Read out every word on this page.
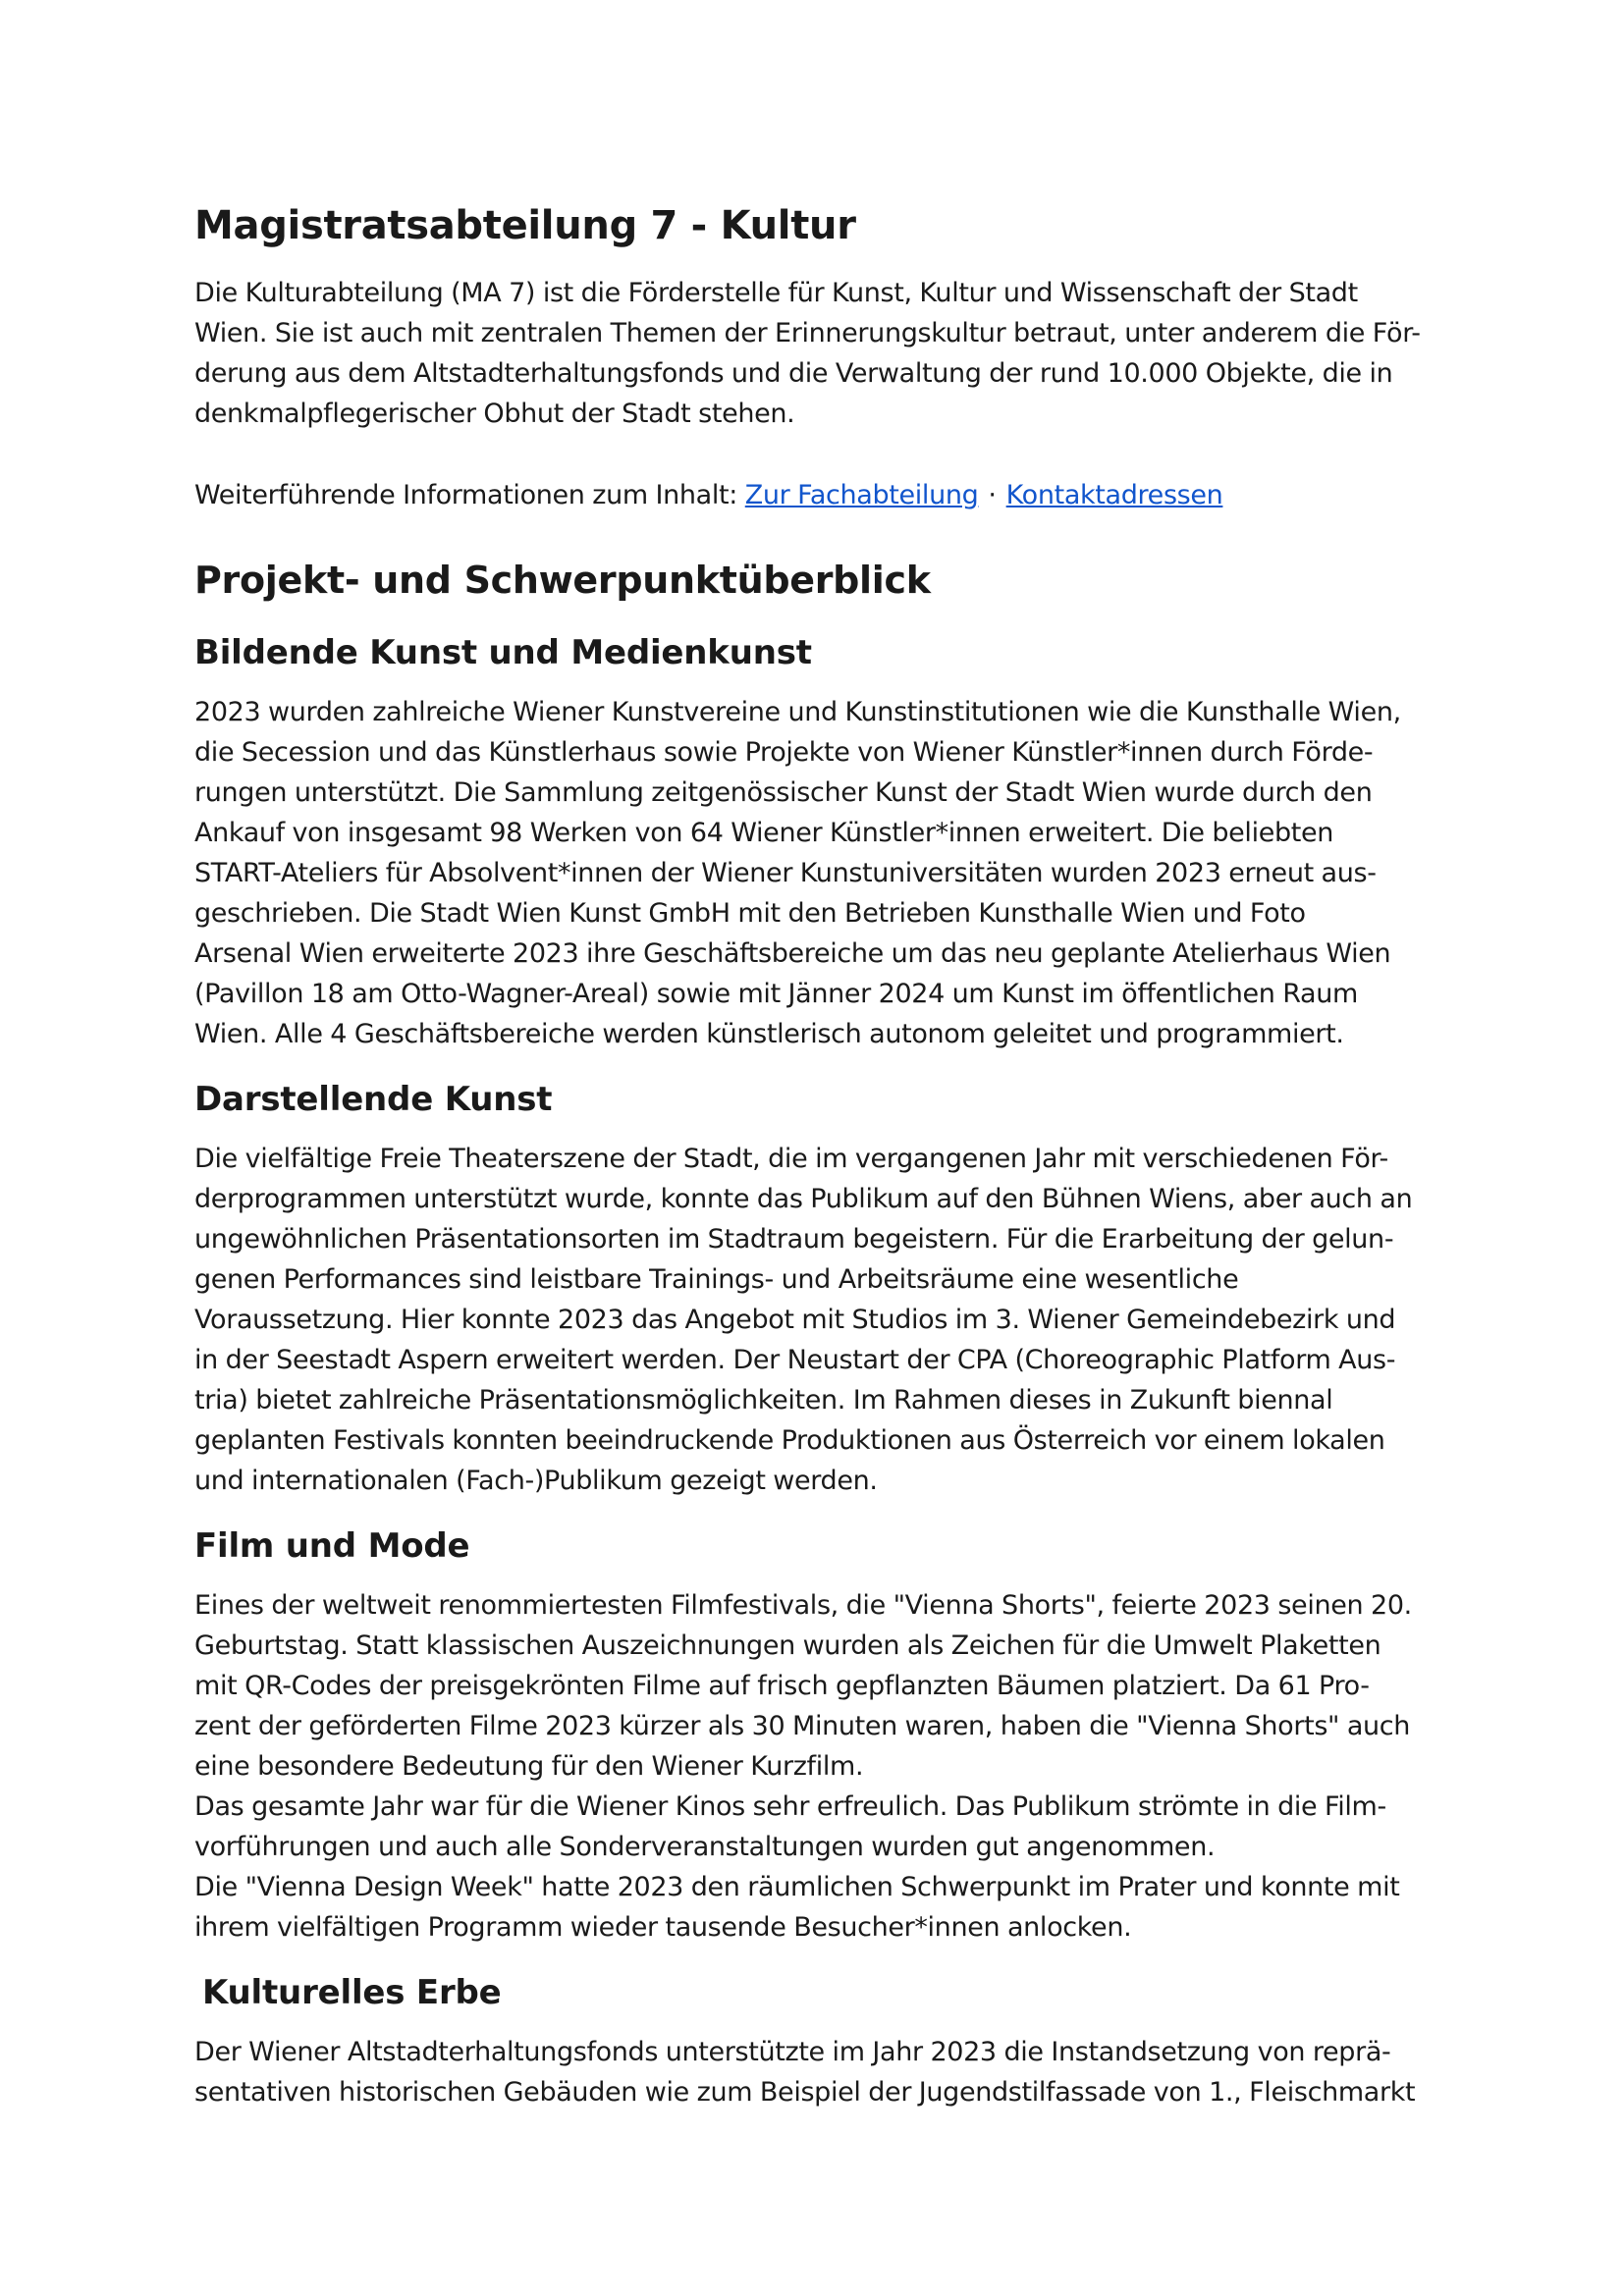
Magistratsabteilung 7 - Kultur

Die Kulturabteilung (MA 7) ist die Förderstelle für Kunst, Kultur und Wissenschaft der Stadt
Wien. Sie ist auch mit zentralen Themen der Erinnerungskultur betraut, unter anderem die För-
derung aus dem Altstadterhaltungsfonds und die Verwaltung der rund 10.000 Objekte, die in
denkmalpflegerischer Obhut der Stadt stehen.

Weiterführende Informationen zum Inhalt: Zur Fachabteilung · Kontaktadressen

Projekt- und Schwerpunktüberblick
Bildende Kunst und Medienkunst

2023 wurden zahlreiche Wiener Kunstvereine und Kunstinstitutionen wie die Kunsthalle Wien,
die Secession und das Künstlerhaus sowie Projekte von Wiener Künstler*innen durch Förde-
rungen unterstützt. Die Sammlung zeitgenössischer Kunst der Stadt Wien wurde durch den
Ankauf von insgesamt 98 Werken von 64 Wiener Künstler*innen erweitert. Die beliebten
START-Ateliers für Absolvent*innen der Wiener Kunstuniversitäten wurden 2023 erneut aus-
geschrieben. Die Stadt Wien Kunst GmbH mit den Betrieben Kunsthalle Wien und Foto
Arsenal Wien erweiterte 2023 ihre Geschäftsbereiche um das neu geplante Atelierhaus Wien
(Pavillon 18 am Otto-Wagner-Areal) sowie mit Jänner 2024 um Kunst im öffentlichen Raum
Wien. Alle 4 Geschäftsbereiche werden künstlerisch autonom geleitet und programmiert.

Darstellende Kunst

Die vielfältige Freie Theaterszene der Stadt, die im vergangenen Jahr mit verschiedenen För-
derprogrammen unterstützt wurde, konnte das Publikum auf den Bühnen Wiens, aber auch an
ungewöhnlichen Präsentationsorten im Stadtraum begeistern. Für die Erarbeitung der gelun-
genen Performances sind leistbare Trainings- und Arbeitsräume eine wesentliche
Voraussetzung. Hier konnte 2023 das Angebot mit Studios im 3. Wiener Gemeindebezirk und
in der Seestadt Aspern erweitert werden. Der Neustart der CPA (Choreographic Platform Aus-
tria) bietet zahlreiche Präsentationsmöglichkeiten. Im Rahmen dieses in Zukunft biennal
geplanten Festivals konnten beeindruckende Produktionen aus Österreich vor einem lokalen
und internationalen (Fach-)Publikum gezeigt werden.

Film und Mode

Eines der weltweit renommiertesten Filmfestivals, die "Vienna Shorts", feierte 2023 seinen 20.
Geburtstag. Statt klassischen Auszeichnungen wurden als Zeichen für die Umwelt Plaketten
mit QR-Codes der preisgekrönten Filme auf frisch gepflanzten Bäumen platziert. Da 61 Pro-
zent der geförderten Filme 2023 kürzer als 30 Minuten waren, haben die "Vienna Shorts" auch
eine besondere Bedeutung für den Wiener Kurzfilm.
Das gesamte Jahr war für die Wiener Kinos sehr erfreulich. Das Publikum strömte in die Film-
vorführungen und auch alle Sonderveranstaltungen wurden gut angenommen.
Die "Vienna Design Week" hatte 2023 den räumlichen Schwerpunkt im Prater und konnte mit
ihrem vielfältigen Programm wieder tausende Besucher*innen anlocken.

Kulturelles Erbe

Der Wiener Altstadterhaltungsfonds unterstützte im Jahr 2023 die Instandsetzung von reprä-
sentativen historischen Gebäuden wie zum Beispiel der Jugendstilfassade von 1., Fleischmarkt
